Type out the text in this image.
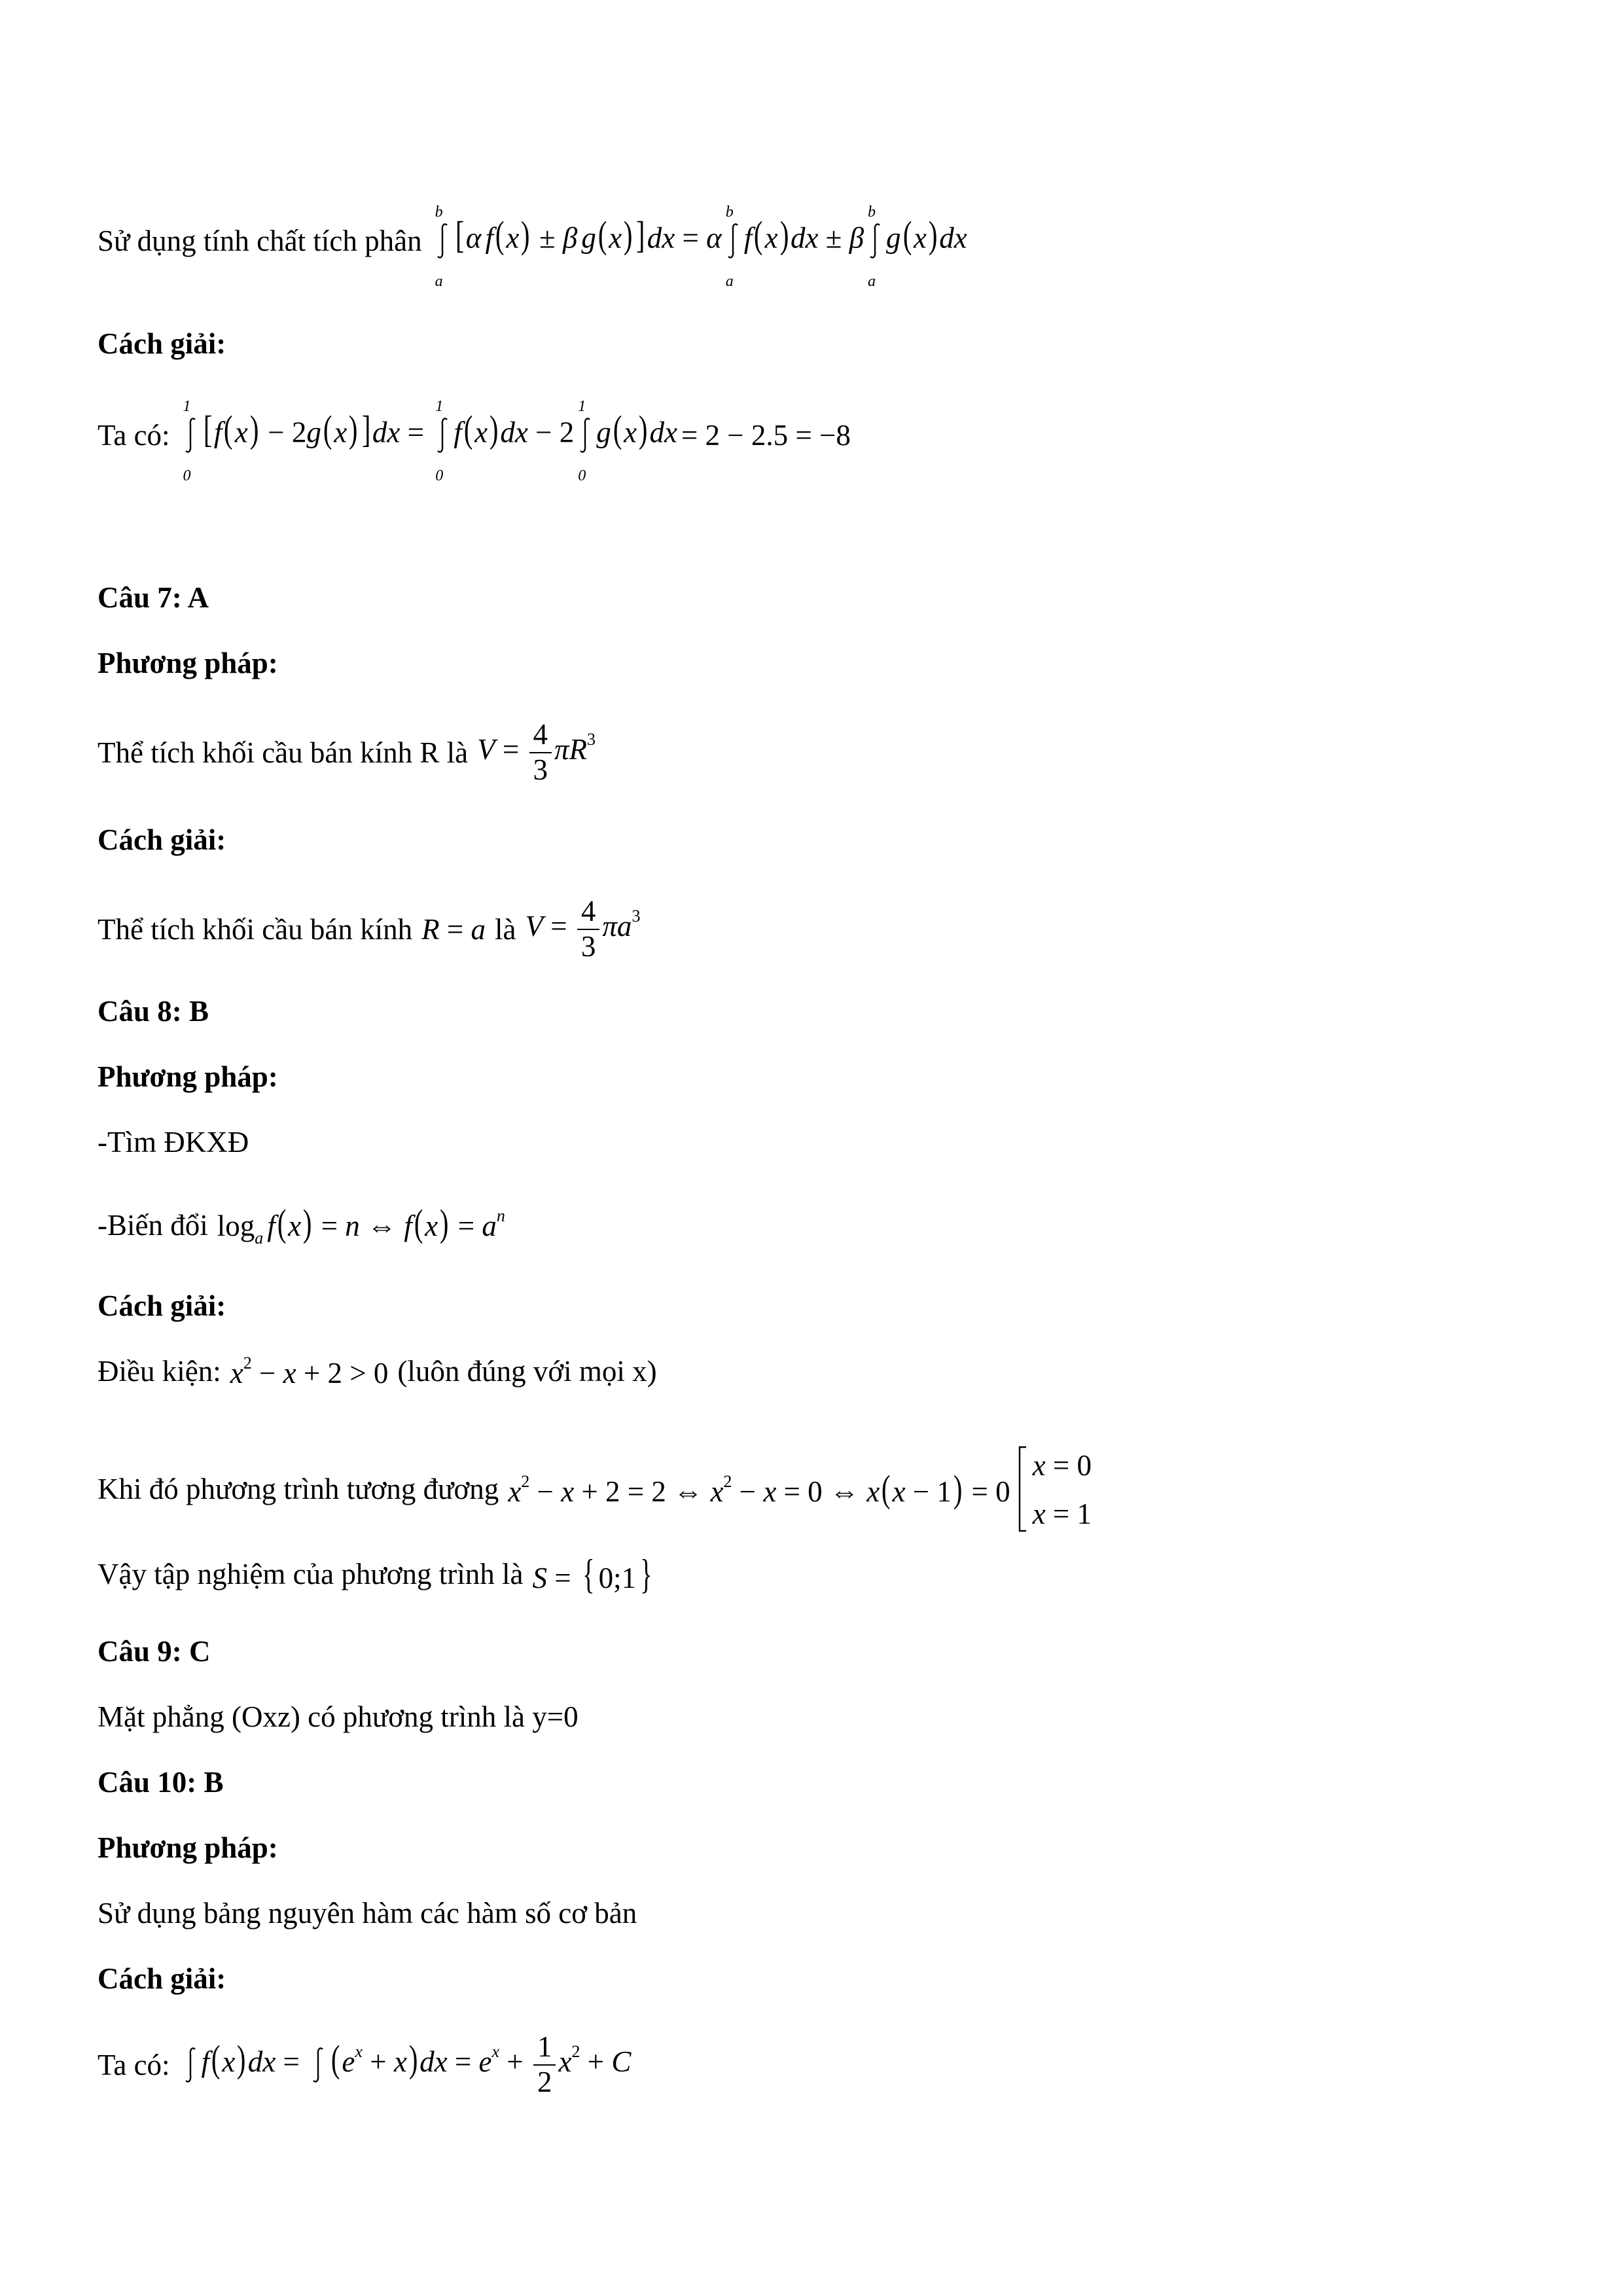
Sử dụng tính chất tích phân
b
a
[α f(x) ± β g(x)]dx = α
b
a
f(x)dx ± β
b
a
g(x)dx
Cách giải:
Ta có:
1
0
[f(x) − 2g(x)]dx =
1
0
f(x)dx − 2
1
0
g(x)dx = 2 − 2.5 = −8
Câu 7: A
Phương pháp:
Thể tích khối cầu bán kính R là $V = \frac{4}{3} \pi R^3$
Cách giải:
Thể tích khối cầu bán kính R = a là $V = \frac{4}{3} \pi a^3$
Câu 8: B
Phương pháp:
-Tìm ĐKXĐ
-Biến đổi $\log_a f(x) = n$ ⇔ $f(x) = a^n$
Cách giải:
Điều kiện: $x^2 - x + 2 > 0$ (luôn đúng với mọi x)
Khi đó phương trình tương đương $x^2 - x + 2 = 2$ ⇔ $x^2 - x = 0$ ⇔ x(x − 1) = 0
x = 0
x = 1
Vậy tập nghiệm của phương trình là S = { 0;1}
Câu 9: C
Mặt phẳng (Oxz) có phương trình là y=0
Câu 10: B
Phương pháp:
Sử dụng bảng nguyên hàm các hàm số cơ bản
Cách giải:
Ta có:	f(x)dx =
$(e^x + x)dx = e^x + \frac{1}{2} x^2 + C$
